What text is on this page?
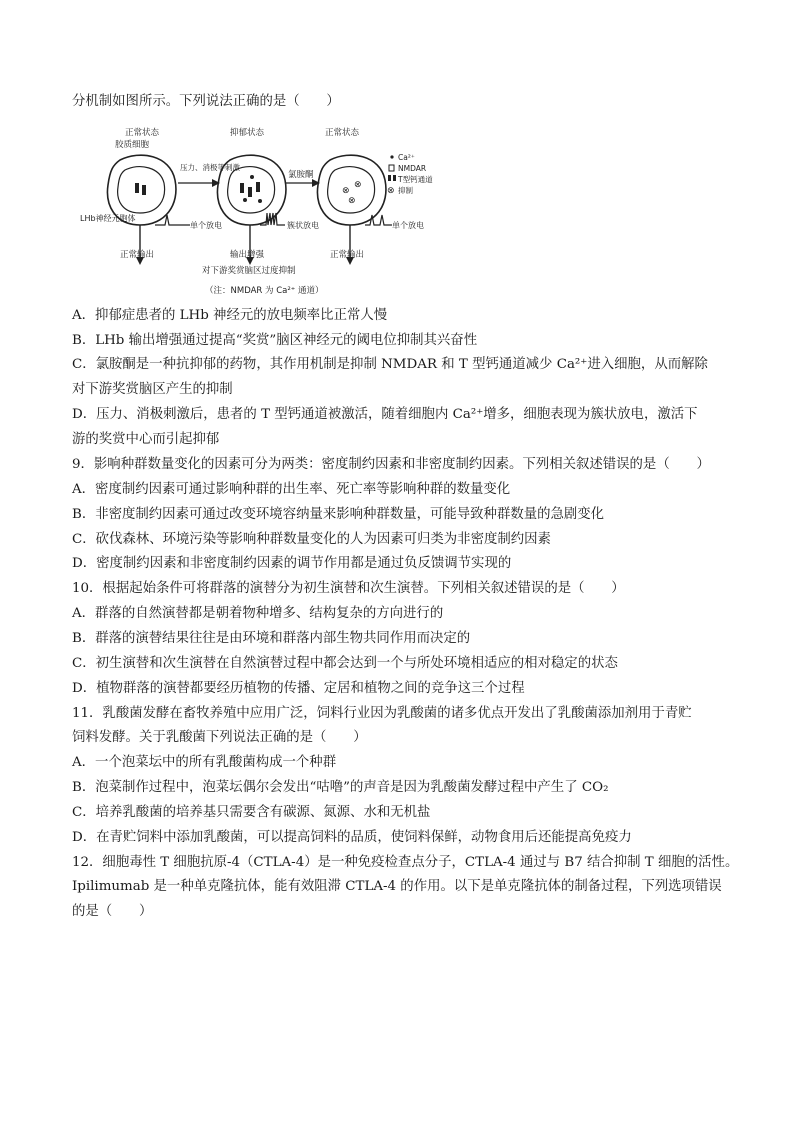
分机制如图所示。下列说法正确的是（　　）
⊗
⊗
⊗
⊗
正常状态
胶质细胞
抑郁状态
压力、消极等刺激
氯胺酮
正常状态
Ca²⁺
NMDAR
T型钙通道
抑制
LHb神经元胞体
单个放电	簇状放电	单个放电
正常输出	输出增强	正常输出
对下游奖赏脑区过度抑制
（注：NMDAR 为 Ca²⁺ 通道）
A．抑郁症患者的 LHb 神经元的放电频率比正常人慢
B．LHb 输出增强通过提高“奖赏”脑区神经元的阈电位抑制其兴奋性
C．氯胺酮是一种抗抑郁的药物，其作用机制是抑制 NMDAR 和 T 型钙通道减少 Ca²⁺进入细胞，从而解除
对下游奖赏脑区产生的抑制
D．压力、消极刺激后，患者的 T 型钙通道被激活，随着细胞内 Ca²⁺增多，细胞表现为簇状放电，激活下
游的奖赏中心而引起抑郁
9．影响种群数量变化的因素可分为两类：密度制约因素和非密度制约因素。下列相关叙述错误的是（　　）
A．密度制约因素可通过影响种群的出生率、死亡率等影响种群的数量变化
B．非密度制约因素可通过改变环境容纳量来影响种群数量，可能导致种群数量的急剧变化
C．砍伐森林、环境污染等影响种群数量变化的人为因素可归类为非密度制约因素
D．密度制约因素和非密度制约因素的调节作用都是通过负反馈调节实现的
10．根据起始条件可将群落的演替分为初生演替和次生演替。下列相关叙述错误的是（　　）
A．群落的自然演替都是朝着物种增多、结构复杂的方向进行的
B．群落的演替结果往往是由环境和群落内部生物共同作用而决定的
C．初生演替和次生演替在自然演替过程中都会达到一个与所处环境相适应的相对稳定的状态
D．植物群落的演替都要经历植物的传播、定居和植物之间的竞争这三个过程
11．乳酸菌发酵在畜牧养殖中应用广泛，饲料行业因为乳酸菌的诸多优点开发出了乳酸菌添加剂用于青贮
饲料发酵。关于乳酸菌下列说法正确的是（　　）
A．一个泡菜坛中的所有乳酸菌构成一个种群
B．泡菜制作过程中，泡菜坛偶尔会发出“咕噜”的声音是因为乳酸菌发酵过程中产生了 CO₂
C．培养乳酸菌的培养基只需要含有碳源、氮源、水和无机盐
D．在青贮饲料中添加乳酸菌，可以提高饲料的品质，使饲料保鲜，动物食用后还能提高免疫力
12．细胞毒性 T 细胞抗原-4（CTLA-4）是一种免疫检查点分子，CTLA-4 通过与 B7 结合抑制 T 细胞的活性。
Ipilimumab 是一种单克隆抗体，能有效阻滞 CTLA-4 的作用。以下是单克隆抗体的制备过程，下列选项错误
的是（　　）
